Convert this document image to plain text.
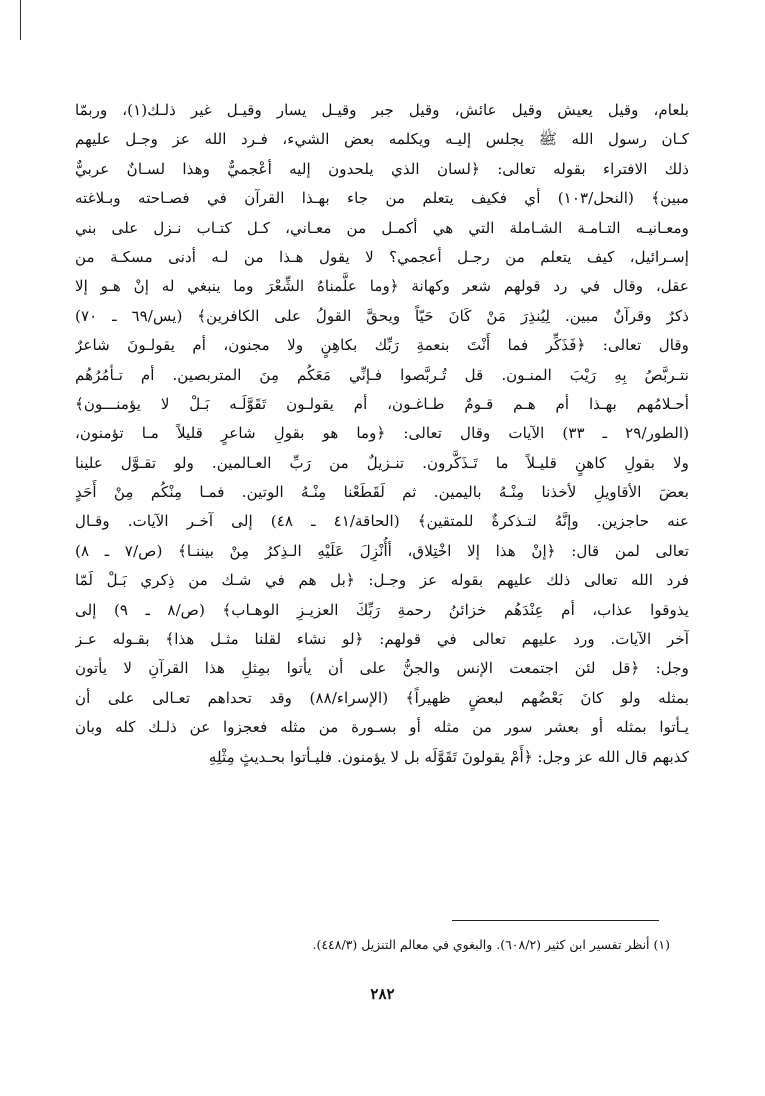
بلعام، وقيل يعيش وقيل عائش، وقيل جبر وقيـل يسار وقيـل غير ذلـك(١)، وربمّا
كـان رسول الله ﷺ يجلس إليـه ويكلمه بعض الشيء، فـرد الله عز وجـل عليهم
ذلك الافتراء بقوله تعالى: ﴿لسان الذي يلحدون إليه أعْجميٌّ وهذا لسـانٌ عربيٌّ
مبين﴾ (النحل/١٠٣) أي فكيف يتعلم من جاء بهـذا القرآن في فصـاحته وبـلاغته
ومعـانيـه التـامـة الشـاملة التي هي أكمـل من معـاني، كـل كتـاب نـزل على بني
إسـرائيل، كيف يتعلم من رجـل أعجمي؟ لا يقول هـذا من لـه أدنى مسكـة من
عقل، وقال في رد قولهم شعر وكهانة ﴿وما علَّمناهُ الشِّعْرَ وما ينبغي له إنْ هـو إلا
ذكرٌ وقرآنٌ مبين. لِيُنذِرَ مَنْ كَانَ حَيّاً ويحقَّ القولُ على الكافرين﴾ (يس/٦٩ ـ ٧٠)
وقال تعالى: ﴿فَذَكِّر فما أَنْتَ بنعمةِ رَبِّك بكاهِنٍ ولا مجنون، أم يقولـونَ شاعرٌ
نتـربَّصُ بِهِ رَيْبَ المنـون. قل تُـربَّصوا فـإنِّي مَعَكُم مِنَ المتربصين. أم تـأمُرُهُم
أحـلامُهم بهـذا أم هـم قـومٌ طـاغـون، أم يقولـون تَقَوَّلَـه بَـلْ لا يؤمنـــون﴾
(الطور/٢٩ ـ ٣٣) الآيات وقال تعالى: ﴿وما هو بقولِ شاعرٍ قليلاً مـا تؤمنون،
ولا بقولِ كاهنٍ قليـلاً ما تَـذَكَّرون. تنـزيلٌ من رَبِّ العـالمين. ولو تقـوَّل علينا
بعضَ الأقاويلِ لأخذنا مِنْـهُ باليمين. ثم لَقَطَعْنا مِنْـهُ الوتين. فمـا مِنْكُم مِنْ أَحَدٍ
عنه حاجزين. وإنَّهُ لتـذكرةٌ للمتقين﴾ (الحاقة/٤١ ـ ٤٨) إلى آخـر الآيات. وقـال
تعالى لمن قال: ﴿إنْ هذا إلا اخْتِلاق، أأُنْزِلَ عَلَيْهِ الـذِكرُ مِنْ بيننـا﴾ (ص/٧ ـ ٨)
فرد الله تعالى ذلك عليهم بقوله عز وجـل: ﴿بل هم في شـك من ذِكري بَـلْ لَمّا
يذوقوا عذاب، أم عِنْدَهُم خزائنُ رحمةِ رَبِّكَ العزيـزِ الوهـاب﴾ (ص/٨ ـ ٩) إلى
آخر الآيات. ورد عليهم تعالى في قولهم: ﴿لو نشاء لقلنا مثـل هذا﴾ بقـوله عـز
وجل: ﴿قل لئن اجتمعت الإنس والجنُّ على أن يأتوا بمِثلِ هذا القرآنِ لا يأتون
بمثله ولو كانَ بَعْضُهم لبعضٍ ظهيراً﴾ (الإسراء/٨٨) وقد تحداهم تعـالى على أن
يـأتوا بمثله أو بعشر سور من مثله أو بسـورة من مثله فعجزوا عن ذلـك كله وبان
كذبهم قال الله عز وجل: ﴿أَمْ يقولونَ تَقَوَّلَه بل لا يؤمنون. فليـأتوا بحـديثٍ مِثْلِهِ
(١) أنظر تفسير ابن كثير (٦٠٨/٢). والبغوي في معالم التنزيل (٤٤٨/٣).
٢٨٢
